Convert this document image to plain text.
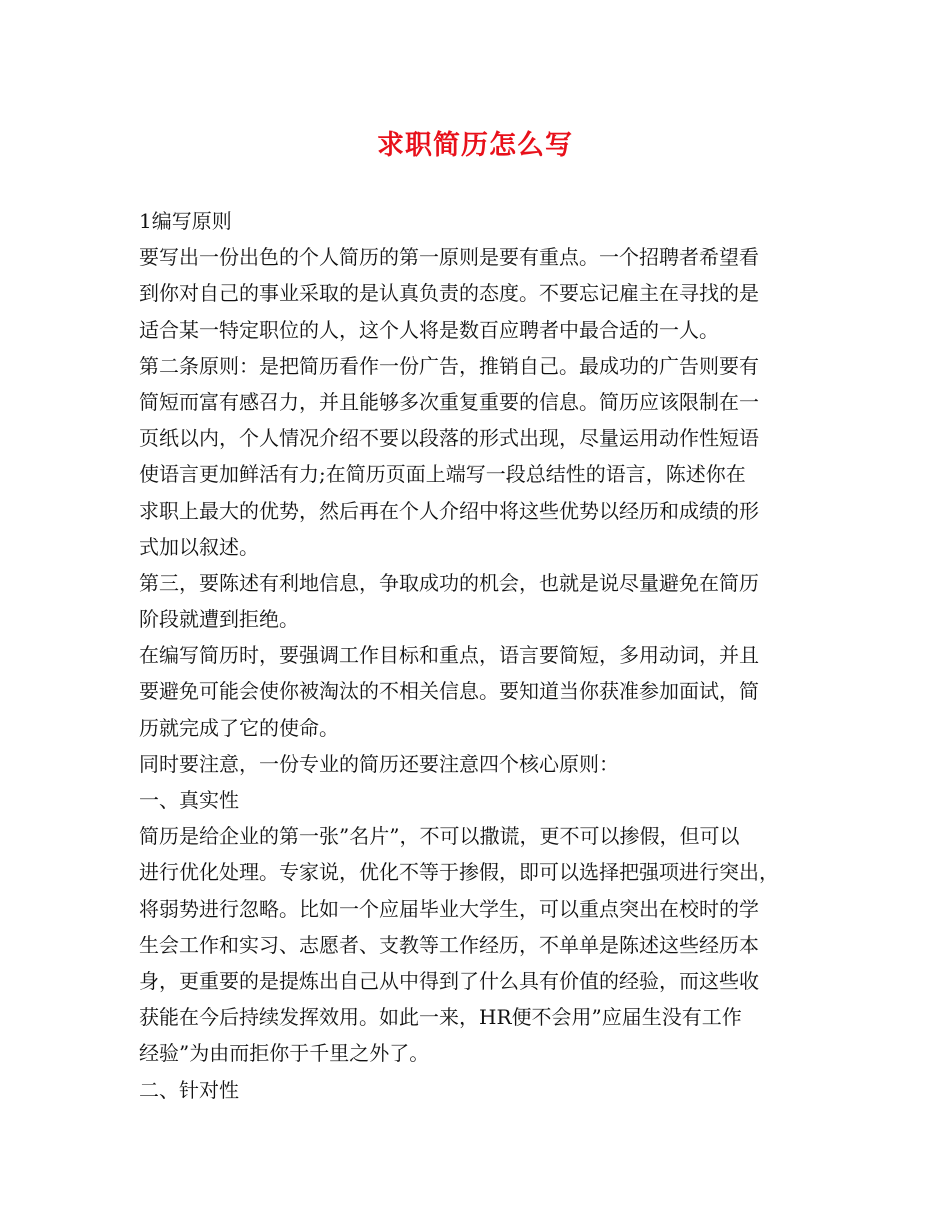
求职简历怎么写
1编写原则
要写出一份出色的个人简历的第一原则是要有重点。一个招聘者希望看
到你对自己的事业采取的是认真负责的态度。不要忘记雇主在寻找的是
适合某一特定职位的人，这个人将是数百应聘者中最合适的一人。
第二条原则：是把简历看作一份广告，推销自己。最成功的广告则要有
简短而富有感召力，并且能够多次重复重要的信息。简历应该限制在一
页纸以内，个人情况介绍不要以段落的形式出现，尽量运用动作性短语
使语言更加鲜活有力;在简历页面上端写一段总结性的语言，陈述你在
求职上最大的优势，然后再在个人介绍中将这些优势以经历和成绩的形
式加以叙述。
第三，要陈述有利地信息，争取成功的机会，也就是说尽量避免在简历
阶段就遭到拒绝。
在编写简历时，要强调工作目标和重点，语言要简短，多用动词，并且
要避免可能会使你被淘汰的不相关信息。要知道当你获准参加面试，简
历就完成了它的使命。
同时要注意，一份专业的简历还要注意四个核心原则：
一、真实性
简历是给企业的第一张”名片”，不可以撒谎，更不可以掺假，但可以
进行优化处理。专家说，优化不等于掺假，即可以选择把强项进行突出，
将弱势进行忽略。比如一个应届毕业大学生，可以重点突出在校时的学
生会工作和实习、志愿者、支教等工作经历，不单单是陈述这些经历本
身，更重要的是提炼出自己从中得到了什么具有价值的经验，而这些收
获能在今后持续发挥效用。如此一来，HR便不会用”应届生没有工作
经验”为由而拒你于千里之外了。
二、针对性
